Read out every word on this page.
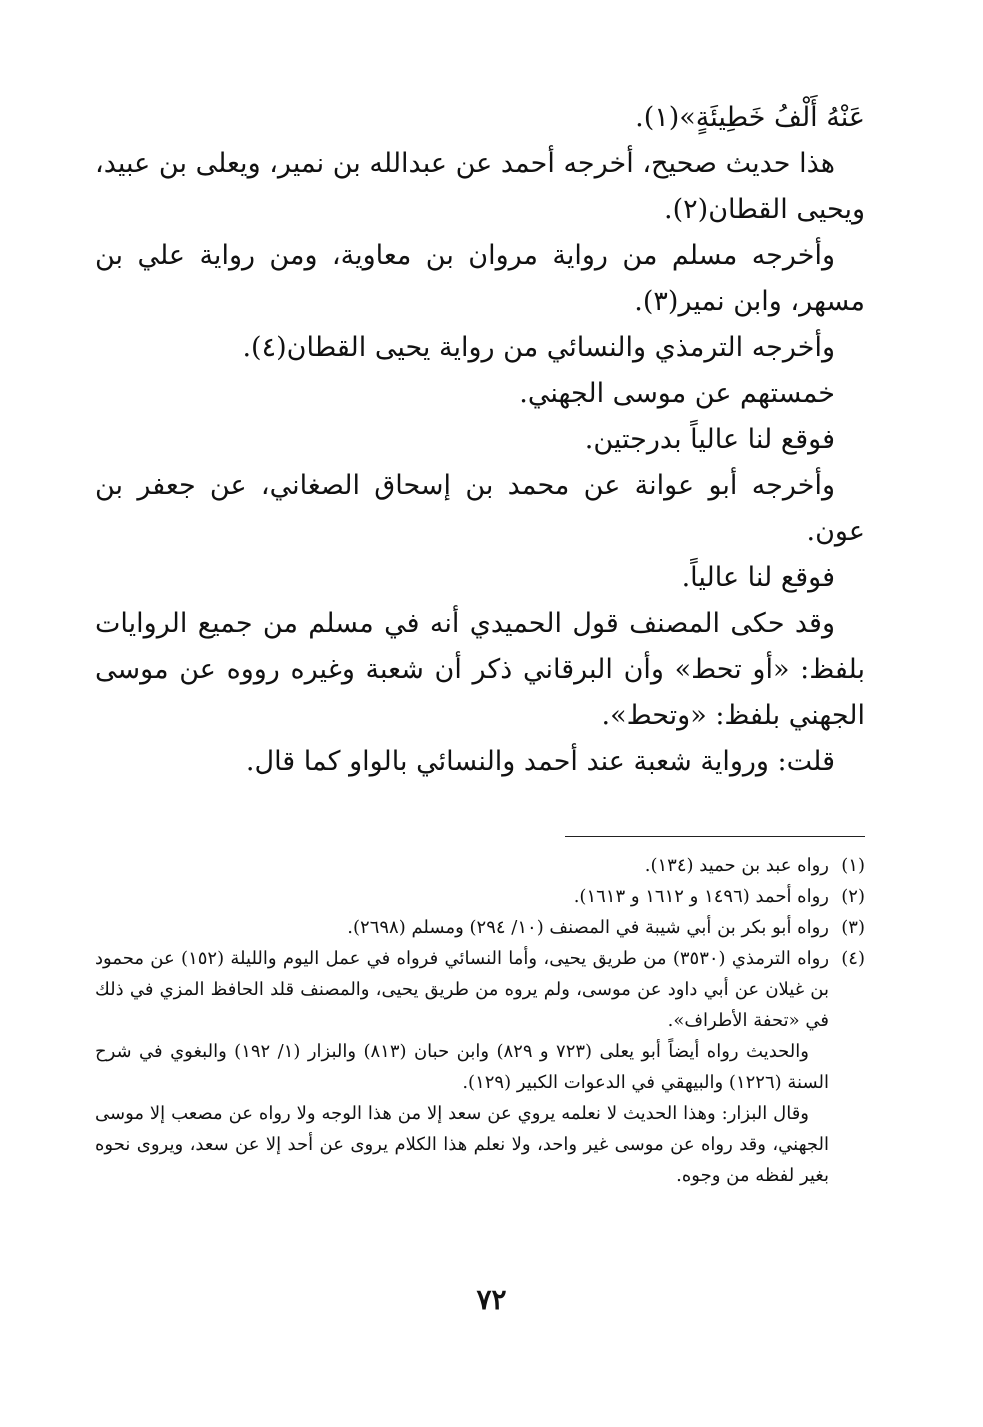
عَنْهُ أَلْفُ خَطِيئَةٍ»(١).

هذا حديث صحيح، أخرجه أحمد عن عبدالله بن نمير، ويعلى بن عبيد، ويحيى القطان(٢).

وأخرجه مسلم من رواية مروان بن معاوية، ومن رواية علي بن مسهر، وابن نمير(٣).

وأخرجه الترمذي والنسائي من رواية يحيى القطان(٤).

خمستهم عن موسى الجهني.

فوقع لنا عالياً بدرجتين.

وأخرجه أبو عوانة عن محمد بن إسحاق الصغاني، عن جعفر بن عون.

فوقع لنا عالياً.

وقد حكى المصنف قول الحميدي أنه في مسلم من جميع الروايات بلفظ: «أو تحط» وأن البرقاني ذكر أن شعبة وغيره رووه عن موسى الجهني بلفظ: «وتحط».

قلت: ورواية شعبة عند أحمد والنسائي بالواو كما قال.

(١)

رواه عبد بن حميد (١٣٤).

(٢)

رواه أحمد (١٤٩٦ و ١٦١٢ و ١٦١٣).

(٣)

رواه أبو بكر بن أبي شيبة في المصنف (١٠/ ٢٩٤) ومسلم (٢٦٩٨).

(٤)

رواه الترمذي (٣٥٣٠) من طريق يحيى، وأما النسائي فرواه في عمل اليوم والليلة (١٥٢) عن محمود بن غيلان عن أبي داود عن موسى، ولم يروه من طريق يحيى، والمصنف قلد الحافظ المزي في ذلك في «تحفة الأطراف».

والحديث رواه أيضاً أبو يعلى (٧٢٣ و ٨٢٩) وابن حبان (٨١٣) والبزار (١/ ١٩٢) والبغوي في شرح السنة (١٢٢٦) والبيهقي في الدعوات الكبير (١٢٩).

وقال البزار: وهذا الحديث لا نعلمه يروي عن سعد إلا من هذا الوجه ولا رواه عن مصعب إلا موسى الجهني، وقد رواه عن موسى غير واحد، ولا نعلم هذا الكلام يروى عن أحد إلا عن سعد، ويروى نحوه بغير لفظه من وجوه.

٧٢
